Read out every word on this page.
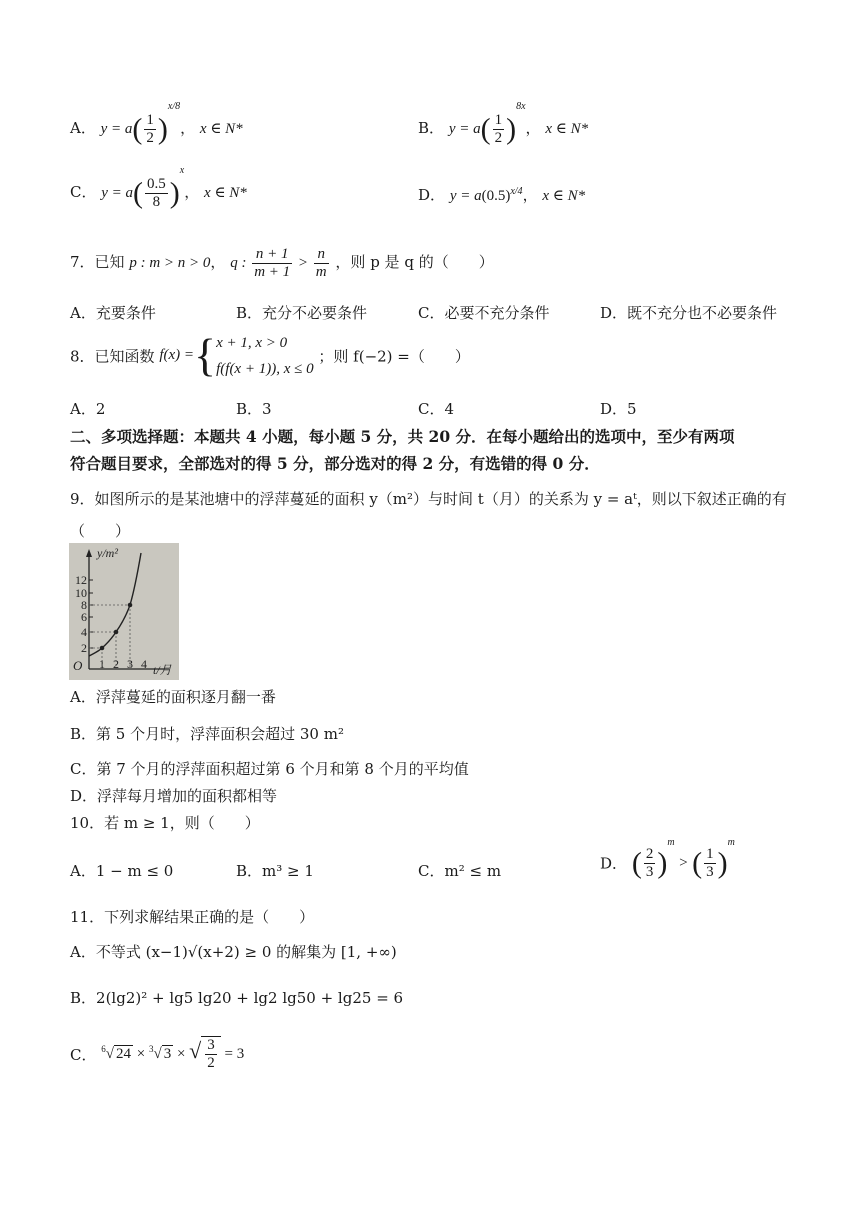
A． $y = a( \frac{1}{2} )^{x/8}$， x ∈ N*	B． $y = a( \frac{1}{2} )^{8x}$， x ∈ N*
C． $y = a( \frac{0.5}{8} )^x$， x ∈ N*	D． $y = a(0.5)^{x/4}$， x ∈ N*
7．已知 p : m > n > 0， q : $\frac{n + 1}{m + 1} > \frac{n}{m}$ ，则 p 是 q 的（　　）
A．充要条件	B．充分不必要条件	C．必要不充分条件	D．既不充分也不必要条件
8．已知函数 f(x) ={ x + 1, x > 0
f(f(x + 1)), x ≤ 0
；则 f(−2) =（　　）
A．2	B．3	C．4	D．5
二、多项选择题：本题共 4 小题，每小题 5 分，共 20 分．在每小题给出的选项中，至少有两项
符合题目要求，全部选对的得 5 分，部分选对的得 2 分，有选错的得 0 分．
9．如图所示的是某池塘中的浮萍蔓延的面积 y（m²）与时间 t（月）的关系为 y = aᵗ，则以下叙述正确的有
（　　）
2
4
6
8
10
12
1 2 3 4
O	t/月
y/m²
A．浮萍蔓延的面积逐月翻一番
B．第 5 个月时，浮萍面积会超过 30 m²
C．第 7 个月的浮萍面积超过第 6 个月和第 8 个月的平均值
D．浮萍每月增加的面积都相等
10．若 m ≥ 1，则（　　）
A．1 − m ≤ 0	B．m³ ≥ 1	C．m² ≤ m	D． ( $\frac{2}{3} )^m$ > ( $\frac{1}{3} )^m$
11．下列求解结果正确的是（　　）
A．不等式 (x−1)√(x+2) ≥ 0 的解集为 [1, +∞)
B．2(lg2)² + lg5 lg20 + lg2 lg50 + lg25 = 6
C． $^6$√ 24 × $^3$√ 3 × √ $\frac{3}{2} = 3$
